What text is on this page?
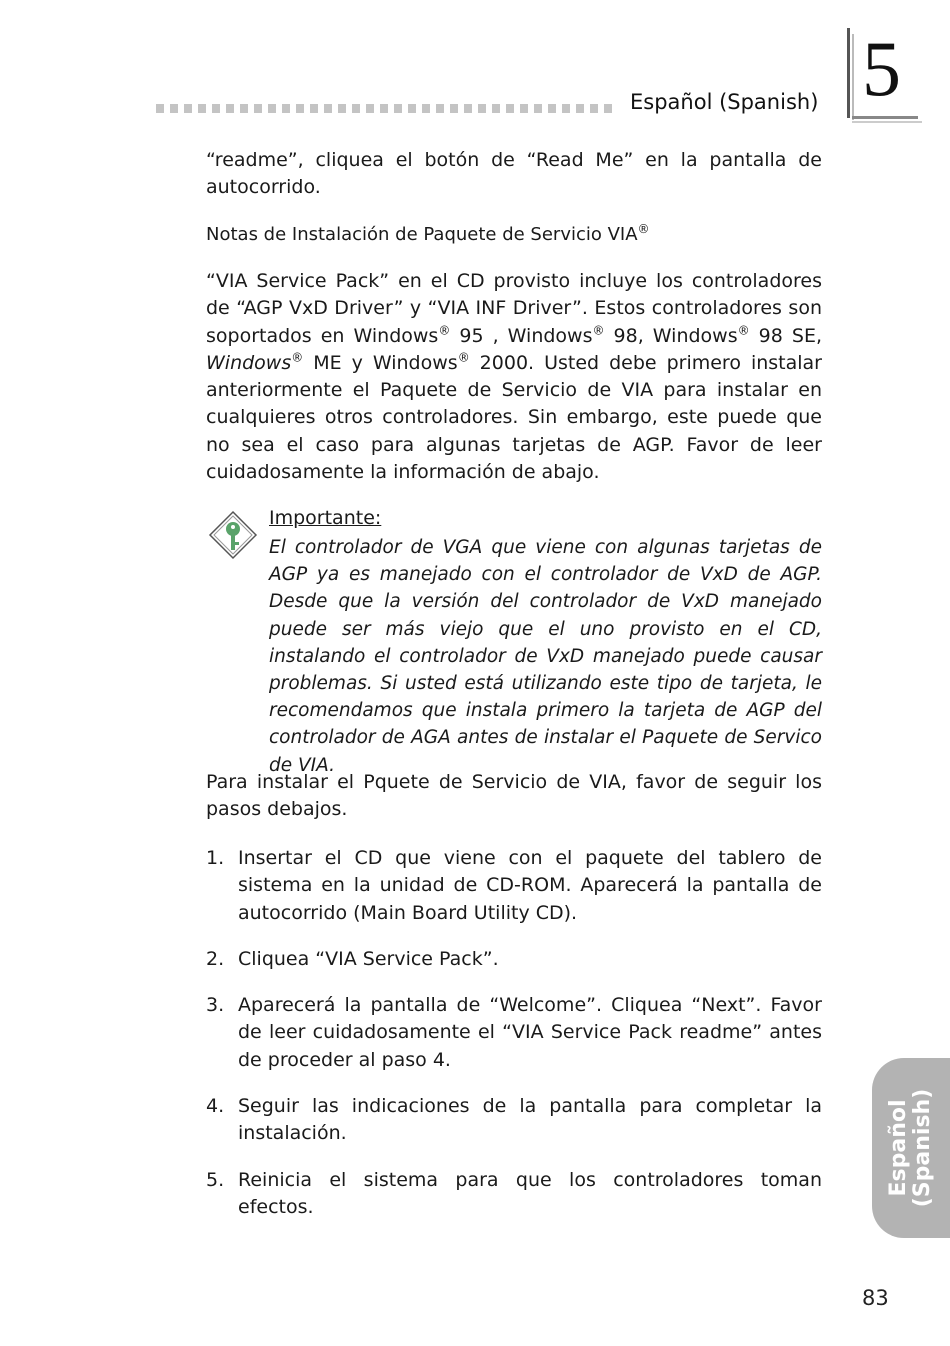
Español (Spanish) 5

“readme”, cliquea el botón de “Read Me” en la pantalla de autocorrido.

Notas de Instalación de Paquete de Servicio VIA®

“VIA Service Pack” en el CD provisto incluye los controladores de “AGP VxD Driver” y “VIA INF Driver”. Estos controladores son soportados en Windows® 95 , Windows® 98, Windows® 98 SE, Windows® ME y Windows® 2000. Usted debe primero instalar anteriormente el Paquete de Servicio de VIA para instalar en cualquieres otros controladores. Sin embargo, este puede que no sea el caso para algunas tarjetas de AGP. Favor de leer cuidadosamente la información de abajo.

Importante:

El controlador de VGA que viene con algunas tarjetas de AGP ya es manejado con el controlador de VxD de AGP. Desde que la versión del controlador de VxD manejado puede ser más viejo que el uno provisto en el CD, instalando el controlador de VxD manejado puede causar problemas. Si usted está utilizando este tipo de tarjeta, le recomendamos que instala primero la tarjeta de AGP del controlador de AGA antes de instalar el Paquete de Servico de VIA.

Para instalar el Pquete de Servicio de VIA, favor de seguir los pasos debajos.

1. Insertar el CD que viene con el paquete del tablero de sistema en la unidad de CD-ROM. Aparecerá la pantalla de autocorrido (Main Board Utility CD).
2. Cliquea “VIA Service Pack”.
3. Aparecerá la pantalla de “Welcome”. Cliquea “Next”. Favor de leer cuidadosamente el “VIA Service Pack readme” antes de proceder al paso 4.
4. Seguir las indicaciones de la pantalla para completar la instalación.
5. Reinicia el sistema para que los controladores toman efectos.
Español (Spanish)
83
